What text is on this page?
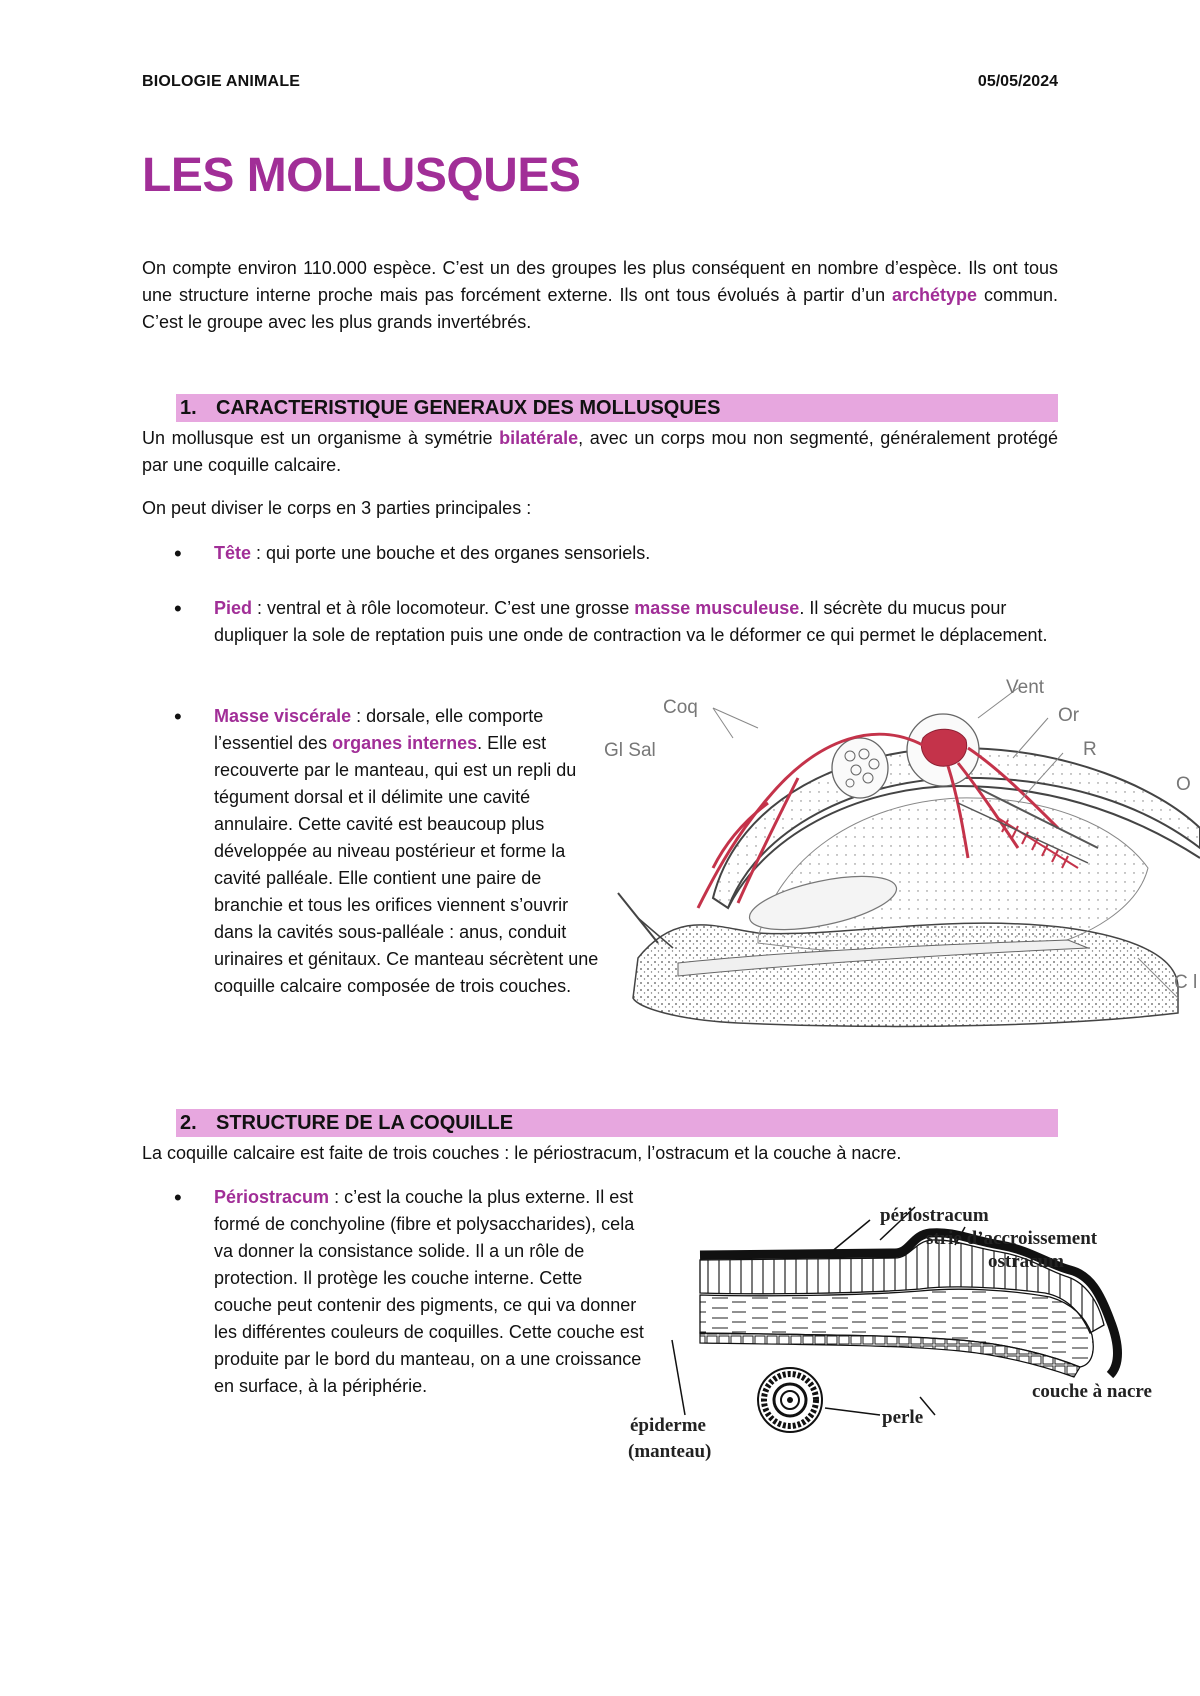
BIOLOGIE ANIMALE	05/05/2024
LES MOLLUSQUES

On compte environ 110.000 espèce. C’est un des groupes les plus conséquent en nombre d’espèce. Ils ont tous une structure interne proche mais pas forcément externe. Ils ont tous évolués à partir d’un archétype commun. C’est le groupe avec les plus grands invertébrés.

1. CARACTERISTIQUE GENERAUX DES MOLLUSQUES

Un mollusque est un organisme à symétrie bilatérale, avec un corps mou non segmenté, généralement protégé par une coquille calcaire.

On peut diviser le corps en 3 parties principales :

• Tête : qui porte une bouche et des organes sensoriels.

• Pied : ventral et à rôle locomoteur. C’est une grosse masse musculeuse. Il sécrète du mucus pour dupliquer la sole de reptation puis une onde de contraction va le déformer ce qui permet le déplacement.

• Masse viscérale : dorsale, elle comporte l’essentiel des organes internes. Elle est recouverte par le manteau, qui est un repli du tégument dorsal et il délimite une cavité annulaire. Cette cavité est beaucoup plus développée au niveau postérieur et forme la cavité palléale. Elle contient une paire de branchie et tous les orifices viennent s’ouvrir dans la cavités sous-palléale : anus, conduit urinaires et génitaux. Ce manteau sécrètent une coquille calcaire composée de trois couches.

Coq
Gl Sal
Vent
Or
R
O
C l
2. STRUCTURE DE LA COQUILLE

La coquille calcaire est faite de trois couches : le périostracum, l’ostracum et la couche à nacre.

• Périostracum : c’est la couche la plus externe. Il est formé de conchyoline (fibre et polysaccharides), cela va donner la consistance solide. Il a un rôle de protection. Il protège les couche interne. Cette couche peut contenir des pigments, ce qui va donner les différentes couleurs de coquilles. Cette couche est produite par le bord du manteau, on a une croissance en surface, à la périphérie.

périostracum
strie d’accroissement
ostracum
couche à nacre
épiderme
(manteau)
perle
